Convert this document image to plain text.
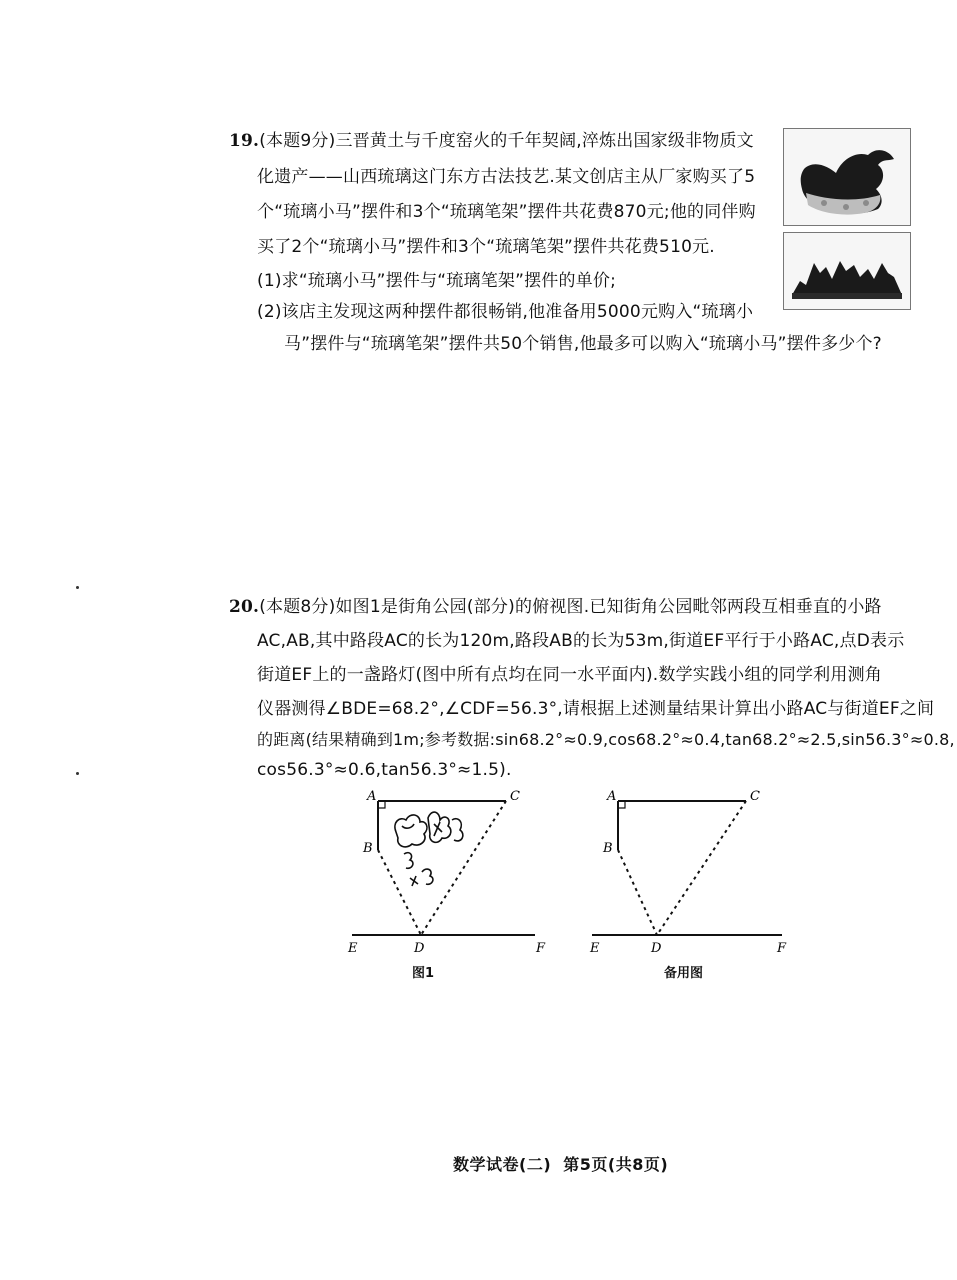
19.(本题9分)三晋黄土与千度窑火的千年契阔,淬炼出国家级非物质文
化遗产——山西琉璃这门东方古法技艺.某文创店主从厂家购买了5
个“琉璃小马”摆件和3个“琉璃笔架”摆件共花费870元;他的同伴购
买了2个“琉璃小马”摆件和3个“琉璃笔架”摆件共花费510元.
(1)求“琉璃小马”摆件与“琉璃笔架”摆件的单价;
(2)该店主发现这两种摆件都很畅销,他准备用5000元购入“琉璃小
马”摆件与“琉璃笔架”摆件共50个销售,他最多可以购入“琉璃小马”摆件多少个?
20.(本题8分)如图1是街角公园(部分)的俯视图.已知街角公园毗邻两段互相垂直的小路
AC,AB,其中路段AC的长为120m,路段AB的长为53m,街道EF平行于小路AC,点D表示
街道EF上的一盏路灯(图中所有点均在同一水平面内).数学实践小组的同学利用测角
仪器测得∠BDE=68.2°,∠CDF=56.3°,请根据上述测量结果计算出小路AC与街道EF之间
的距离(结果精确到1m;参考数据:sin68.2°≈0.9,cos68.2°≈0.4,tan68.2°≈2.5,sin56.3°≈0.8,
cos56.3°≈0.6,tan56.3°≈1.5).
A	C
B
E	D	F
A	C
B
E	D	F
图1	备用图
数学试卷(二)  第5页(共8页)
